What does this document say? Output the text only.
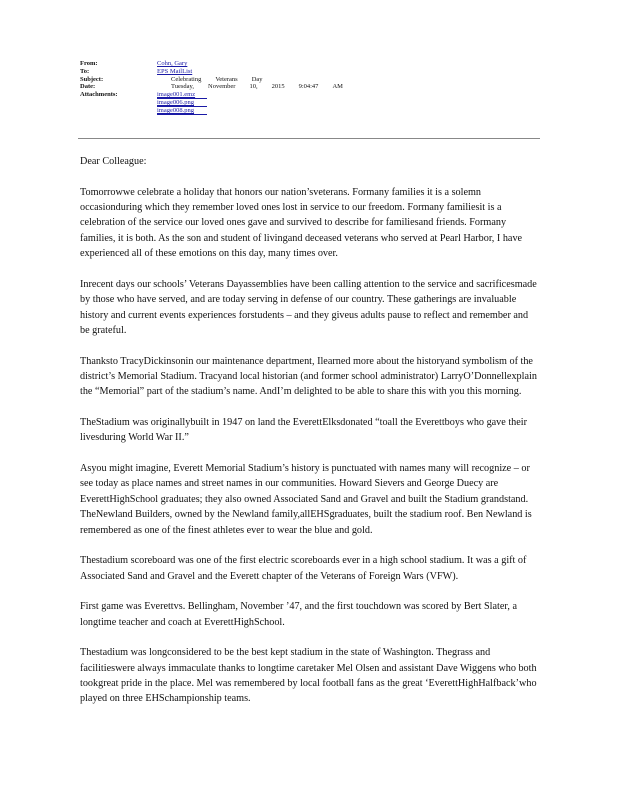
From:	Cohn, Gary
To:	EPS MailList
Subject:	Celebrating Veterans Day
Date:	Tuesday, November 10, 2015 9:04:47 AM
Attachments:	image001.emz
image006.png
image008.png

Dear Colleague:

Tomorrowwe celebrate a holiday that honors our nation’sveterans. Formany families it is a solemn occasionduring which they remember loved ones lost in service to our freedom. Formany familiesit is a celebration of the service our loved ones gave and survived to describe for familiesand friends. Formany families, it is both. As the son and student of livingand deceased veterans who served at Pearl Harbor, I have experienced all of these emotions on this day, many times over.

Inrecent days our schools’ Veterans Dayassemblies have been calling attention to the service and sacrificesmade by those who have served, and are today serving in defense of our country. These gatherings are invaluable history and current events experiences forstudents – and they giveus adults pause to reflect and remember and be grateful.

Thanksto TracyDickinsonin our maintenance department, Ilearned more about the historyand symbolism of the district’s Memorial Stadium. Tracyand local historian (and former school administrator) LarryO’Donnellexplain the “Memorial” part of the stadium’s name. AndI’m delighted to be able to share this with you this morning.

TheStadium was originallybuilt in 1947 on land the EverettElksdonated “toall the Everettboys who gave their livesduring World War II.”

Asyou might imagine, Everett Memorial Stadium’s history is punctuated with names many will recognize – or see today as place names and street names in our communities. Howard Sievers and George Duecy are EverettHighSchool graduates; they also owned Associated Sand and Gravel and built the Stadium grandstand.

TheNewland Builders, owned by the Newland family,allEHSgraduates, built the stadium roof. Ben Newland is remembered as one of the finest athletes ever to wear the blue and gold.

Thestadium scoreboard was one of the first electric scoreboards ever in a high school stadium. It was a gift of Associated Sand and Gravel and the Everett chapter of the Veterans of Foreign Wars (VFW).

First game was Everettvs. Bellingham, November ’47, and the first touchdown was scored by Bert Slater, a longtime teacher and coach at EverettHighSchool.

Thestadium was longconsidered to be the best kept stadium in the state of Washington. Thegrass and facilitieswere always immaculate thanks to longtime caretaker Mel Olsen and assistant Dave Wiggens who both tookgreat pride in the place. Mel was remembered by local football fans as the great ‘EverettHighHalfback’who played on three EHSchampionship teams.
